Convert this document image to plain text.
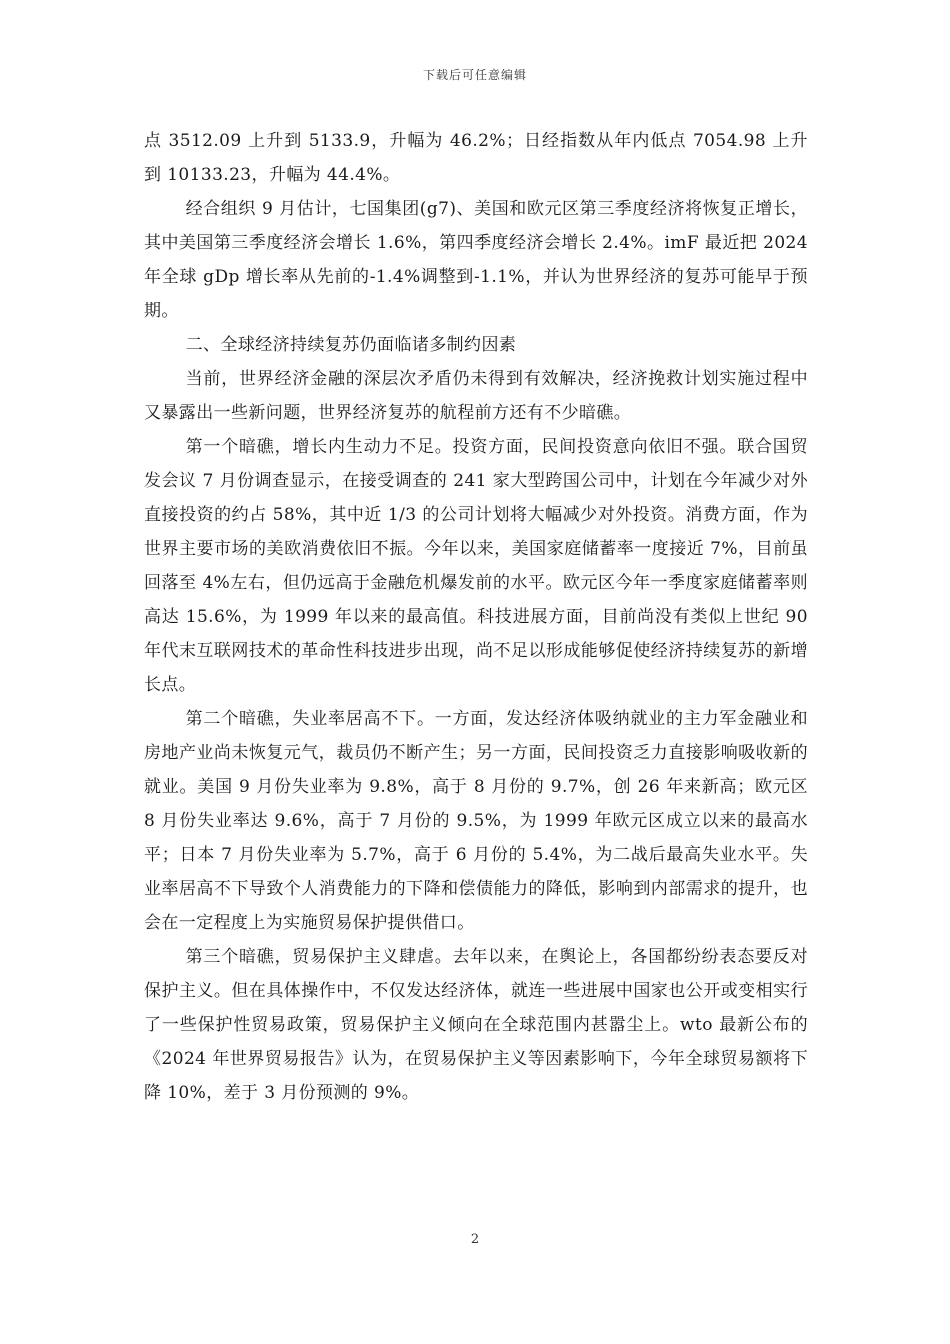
下载后可任意编辑

点 3512.09 上升到 5133.9，升幅为 46.2%；日经指数从年内低点 7054.98 上升到 10133.23，升幅为 44.4%。

经合组织 9 月估计，七国集团(g7)、美国和欧元区第三季度经济将恢复正增长，其中美国第三季度经济会增长 1.6%，第四季度经济会增长 2.4%。imF 最近把 2024 年全球 gDp 增长率从先前的-1.4%调整到-1.1%，并认为世界经济的复苏可能早于预期。

二、全球经济持续复苏仍面临诸多制约因素

当前，世界经济金融的深层次矛盾仍未得到有效解决，经济挽救计划实施过程中又暴露出一些新问题，世界经济复苏的航程前方还有不少暗礁。

第一个暗礁，增长内生动力不足。投资方面，民间投资意向依旧不强。联合国贸发会议 7 月份调查显示，在接受调查的 241 家大型跨国公司中，计划在今年减少对外直接投资的约占 58%，其中近 1/3 的公司计划将大幅减少对外投资。消费方面，作为世界主要市场的美欧消费依旧不振。今年以来，美国家庭储蓄率一度接近 7%，目前虽回落至 4%左右，但仍远高于金融危机爆发前的水平。欧元区今年一季度家庭储蓄率则高达 15.6%，为 1999 年以来的最高值。科技进展方面，目前尚没有类似上世纪 90 年代末互联网技术的革命性科技进步出现，尚不足以形成能够促使经济持续复苏的新增长点。

第二个暗礁，失业率居高不下。一方面，发达经济体吸纳就业的主力军金融业和房地产业尚未恢复元气，裁员仍不断产生；另一方面，民间投资乏力直接影响吸收新的就业。美国 9 月份失业率为 9.8%，高于 8 月份的 9.7%，创 26 年来新高；欧元区 8 月份失业率达 9.6%，高于 7 月份的 9.5%，为 1999 年欧元区成立以来的最高水平；日本 7 月份失业率为 5.7%，高于 6 月份的 5.4%，为二战后最高失业水平。失业率居高不下导致个人消费能力的下降和偿债能力的降低，影响到内部需求的提升，也会在一定程度上为实施贸易保护提供借口。

第三个暗礁，贸易保护主义肆虐。去年以来，在舆论上，各国都纷纷表态要反对保护主义。但在具体操作中，不仅发达经济体，就连一些进展中国家也公开或变相实行了一些保护性贸易政策，贸易保护主义倾向在全球范围内甚嚣尘上。wto 最新公布的《2024 年世界贸易报告》认为，在贸易保护主义等因素影响下，今年全球贸易额将下降 10%，差于 3 月份预测的 9%。

2
